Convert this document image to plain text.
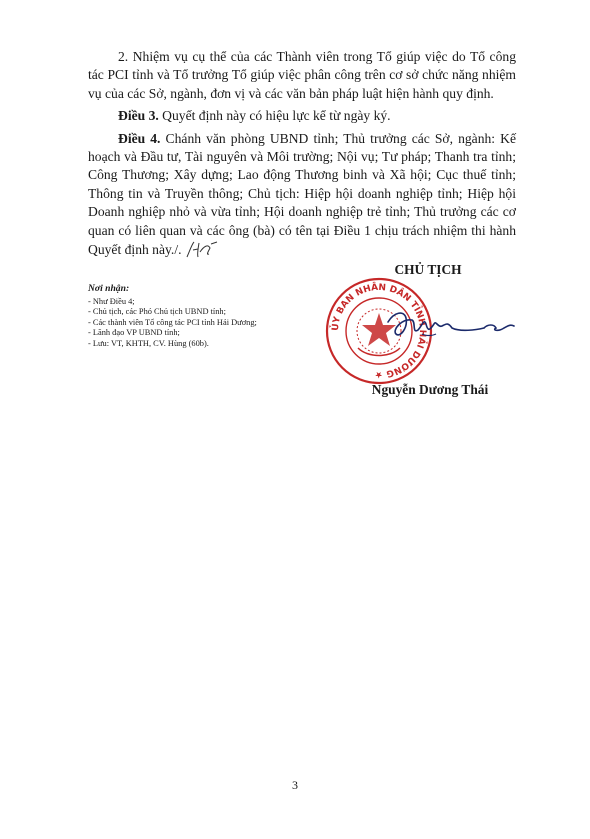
2. Nhiệm vụ cụ thể của các Thành viên trong Tổ giúp việc do Tổ công tác PCI tỉnh và Tổ trưởng Tổ giúp việc phân công trên cơ sở chức năng nhiệm vụ của các Sở, ngành, đơn vị và các văn bản pháp luật hiện hành quy định.

Điều 3. Quyết định này có hiệu lực kể từ ngày ký.

Điều 4. Chánh văn phòng UBND tỉnh; Thủ trưởng các Sở, ngành: Kế hoạch và Đầu tư, Tài nguyên và Môi trường; Nội vụ; Tư pháp; Thanh tra tỉnh; Công Thương; Xây dựng; Lao động Thương binh và Xã hội; Cục thuế tỉnh; Thông tin và Truyền thông; Chủ tịch: Hiệp hội doanh nghiệp tỉnh; Hiệp hội Doanh nghiệp nhỏ và vừa tỉnh; Hội doanh nghiệp trẻ tỉnh; Thủ trưởng các cơ quan có liên quan và các ông (bà) có tên tại Điều 1 chịu trách nhiệm thi hành Quyết định này./.

Nơi nhận:
- Như Điều 4;
- Chủ tịch, các Phó Chủ tịch UBND tỉnh;
- Các thành viên Tổ công tác PCI tỉnh Hải Dương;
- Lãnh đạo VP UBND tỉnh;
- Lưu: VT, KHTH, CV. Hùng (60b).
ỦY BAN NHÂN DÂN TỈNH HẢI DƯƠNG ★
CHỦ TỊCH
Nguyễn Dương Thái
3
